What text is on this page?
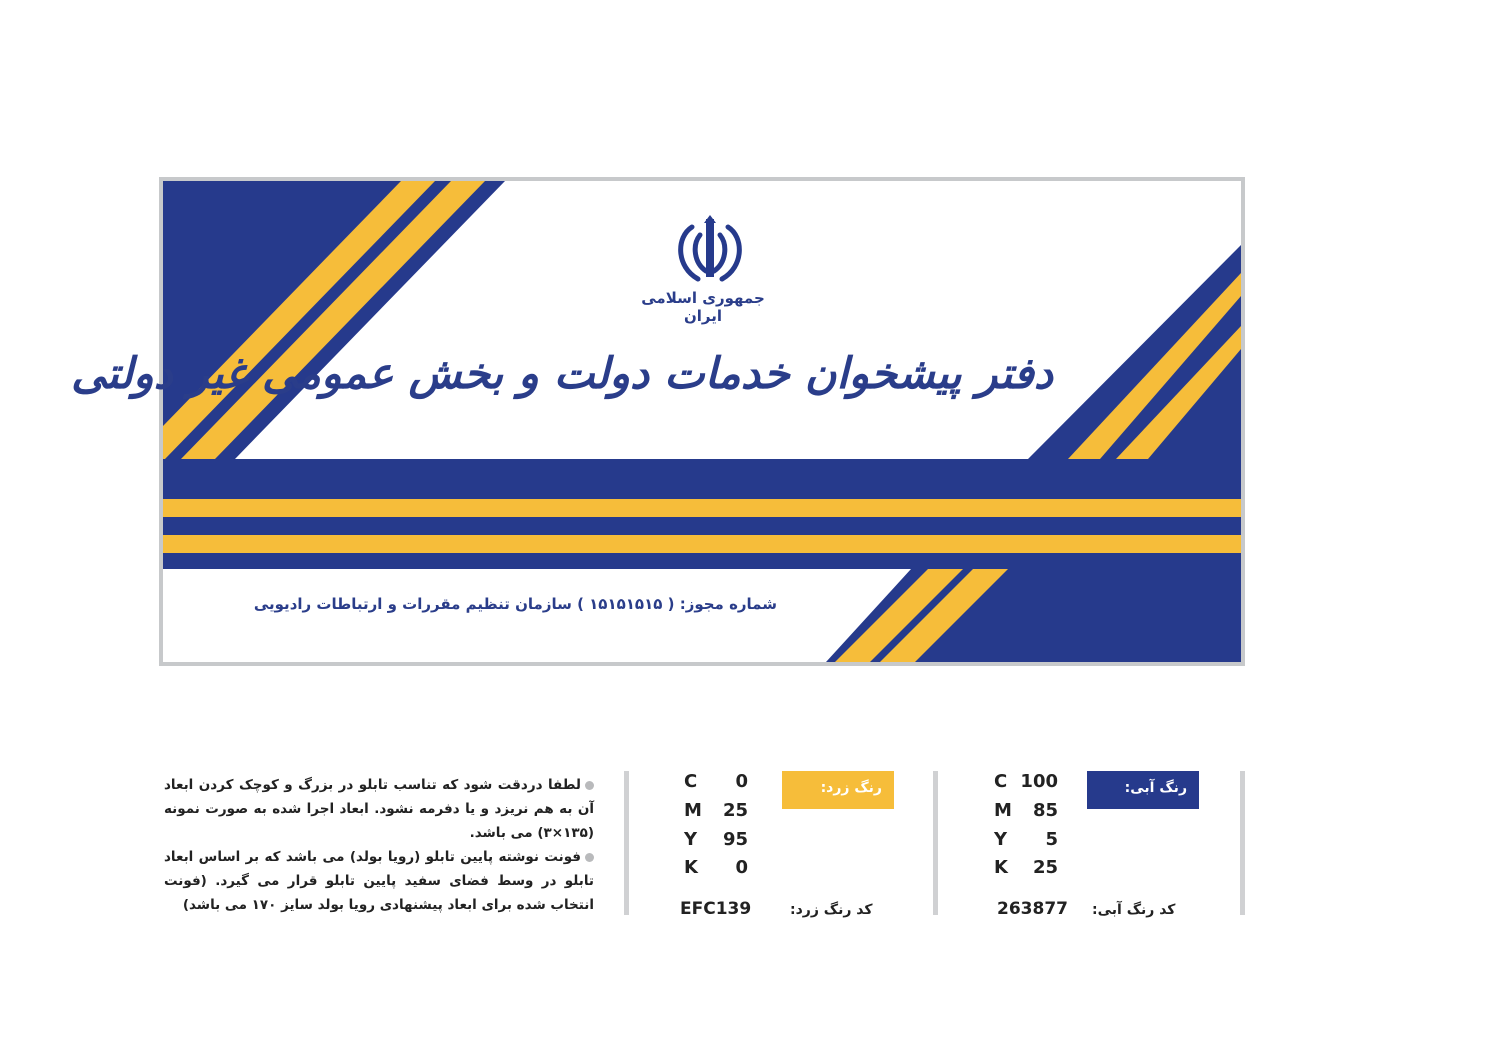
جمهوری اسلامی ایران
دفتر پیشخوان خدمات دولت و بخش عمومی غیر دولتی
شماره مجوز: ( ۱۵۱۵۱۵۱۵ ) سازمان تنظیم مقررات و ارتباطات رادیویی
رنگ آبی:
C 100
M 85
Y 5
K 25
کد رنگ آبی:
263877
رنگ زرد:
C 0
M 25
Y 95
K 0
کد رنگ زرد:
EFC139

لطفا دردقت شود که تناسب تابلو در بزرگ و کوچک کردن ابعاد آن به هم نریزد و یا دفرمه نشود. ابعاد اجرا شده به صورت نمونه (۱۳۵×۳) می باشد.

فونت نوشته پایین تابلو (رویا بولد) می باشد که بر اساس ابعاد تابلو در وسط فضای سفید پایین تابلو قرار می گیرد. (فونت انتخاب شده برای ابعاد پیشنهادی رویا بولد سایز ۱۷۰ می باشد)
